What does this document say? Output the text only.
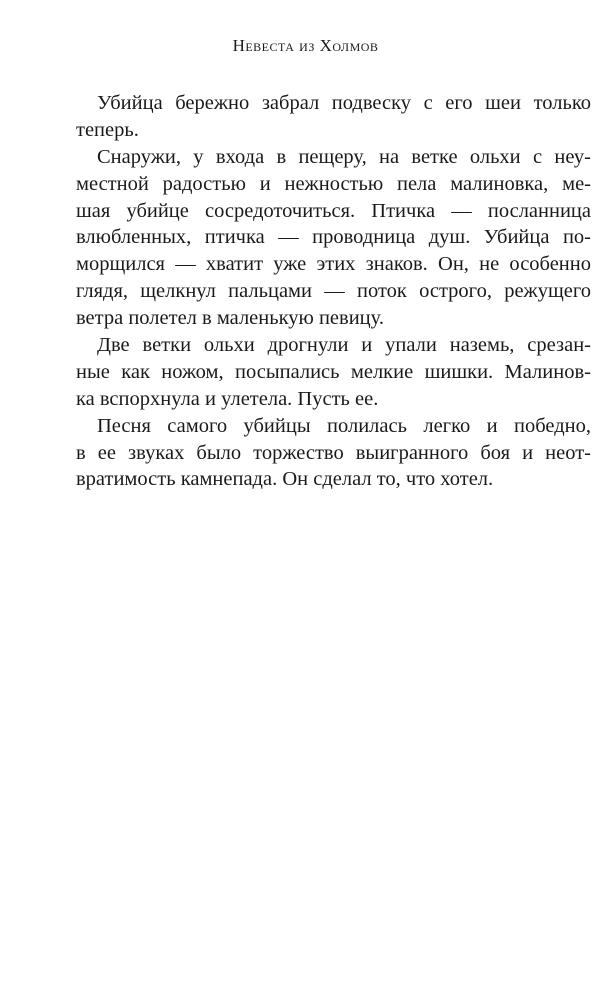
Невеста из Холмов
Убийца бережно забрал подвеску с его шеи только
теперь.
Снаружи, у входа в пещеру, на ветке ольхи с неу-
местной радостью и нежностью пела малиновка, ме-
шая убийце сосредоточиться. Птичка — посланница
влюбленных, птичка — проводница душ. Убийца по-
морщился — хватит уже этих знаков. Он, не особенно
глядя, щелкнул пальцами — поток острого, режущего
ветра полетел в маленькую певицу.
Две ветки ольхи дрогнули и упали наземь, срезан-
ные как ножом, посыпались мелкие шишки. Малинов-
ка вспорхнула и улетела. Пусть ее.
Песня самого убийцы полилась легко и победно,
в ее звуках было торжество выигранного боя и неот-
вратимость камнепада. Он сделал то, что хотел.
